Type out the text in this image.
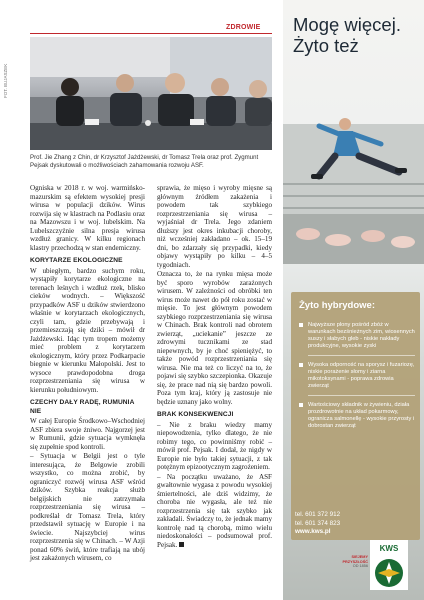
ZDROWIE
FOT. BUJASZEK
Prof. Jie Zhang z Chin, dr Krzysztof Jażdżewski, dr Tomasz Trela oraz prof. Zygmunt Pejsak dyskutowali o możliwościach zahamowania rozwoju ASF.

Ogniska w 2018 r. w woj. warmińsko-mazurskim są efektem wysokiej presji wirusa w populacji dzików. Wirus rozwija się w klastrach na Podlasiu oraz na Mazowszu i w woj. lubelskim. Na Lubelszczyźnie silna presja wirusa wzdłuż granicy. W kilku regionach klastry przechodzą w stan endemiczny.

KORYTARZE EKOLOGICZNE

W ubiegłym, bardzo suchym roku, wystąpiły korytarze ekologiczne na terenach leśnych i wzdłuż rzek, blisko cieków wodnych. – Większość przypadków ASF u dzików stwierdzono właśnie w korytarzach ekologicznych, czyli tam, gdzie przebywają i przemieszczają się dziki – mówił dr Jażdżewski. Idąc tym tropem możemy mieć problem z korytarzem ekologicznym, który przez Podkarpacie biegnie w kierunku Małopolski. Jest to wysoce prawdopodobna droga rozprzestrzeniania się wirusa w kierunku południowym.

CZECHY DAŁY RADĘ, RUMUNIA NIE

W całej Europie Środkowo–Wschodniej ASF zbiera swoje żniwo. Najgorzej jest w Rumunii, gdzie sytuacja wymknęła się zupełnie spod kontroli.

– Sytuacja w Belgii jest o tyle interesująca, że Belgowie zrobili wszystko, co można zrobić, by ograniczyć rozwój wirusa ASF wśród dzików. Szybka reakcja służb belgijskich nie zatrzymała rozprzestrzeniania się wirusa – podkreślał dr Tomasz Trela, który przedstawił sytuację w Europie i na świecie. Najszybciej wirus rozprzestrzenia się w Chinach. – W Azji ponad 60% świń, które trafiają na ubój jest zakażonych wirusem, co

sprawia, że mięso i wyroby mięsne są głównym źródłem zakażenia i powodem tak szybkiego rozprzestrzeniania się wirusa – wyjaśniał dr Trela. Jego zdaniem dłuższy jest okres inkubacji choroby, niż wcześniej zakładano – ok. 15–19 dni, bo zdarzały się przypadki, kiedy objawy wystąpiły po kilku – 4–5 tygodniach.

Oznacza to, że na rynku mięsa może być sporo wyrobów zarażonych wirusem. W zależności od obróbki ten wirus może nawet do pół roku zostać w mięsie. To jest głównym powodem szybkiego rozprzestrzeniania się wirusa w Chinach. Brak kontroli nad obrotem zwierząt, „uciekanie” jeszcze ze zdrowymi tucznikami ze stad niepewnych, by je choć spieniężyć, to także powód rozprzestrzeniania się wirusa. Nie ma też co liczyć na to, że pojawi się szybko szczepionka. Okazuje się, że prace nad nią się bardzo powoli. Poza tym kraj, który ją zastosuje nie będzie uznany jako wolny.

BRAK KONSEKWENCJI

– Nie z braku wiedzy mamy niepowodzenia, tylko dlatego, że nie robimy tego, co powinniśmy robić – mówił prof. Pejsak. I dodał, że nigdy w Europie nie było takiej sytuacji, z tak potężnym epizootycznym zagrożeniem.

– Na początku uważano, że ASF gwałtownie wygasa z powodu wysokiej śmiertelności, ale dziś widzimy, że choroba nie wygasła, ale też nie rozprzestrzenia się tak szybko jak zakładali. Świadczy to, że jednak mamy kontrolę nad tą chorobą, mimo wielu niedoskonałości – podsumował prof. Pejsak.

Mogę więcej.
Żyto też
Żyto hybrydowe:
Najwyższe plony pośród zbóż w warunkach bezśnieżnych zim, wiosennych suszy i słabych gleb - niskie nakłady produkcyjne, wysokie zyski
Wysoka odporność na sporysz i fuzariozę, niskie porażenie słomy i ziarna mikotoksynami - poprawa zdrowia zwierząt
Wartościowy składnik w żywieniu, działa prozdrowotnie na układ pokarmowy, ogranicza salmonellę - wysokie przyrosty i dobrostan zwierząt
tel. 601 372 912
tel. 601 374 823
www.kws.pl
SIEJEMY PRZYSZŁOŚĆ
OD 1856
KWS
